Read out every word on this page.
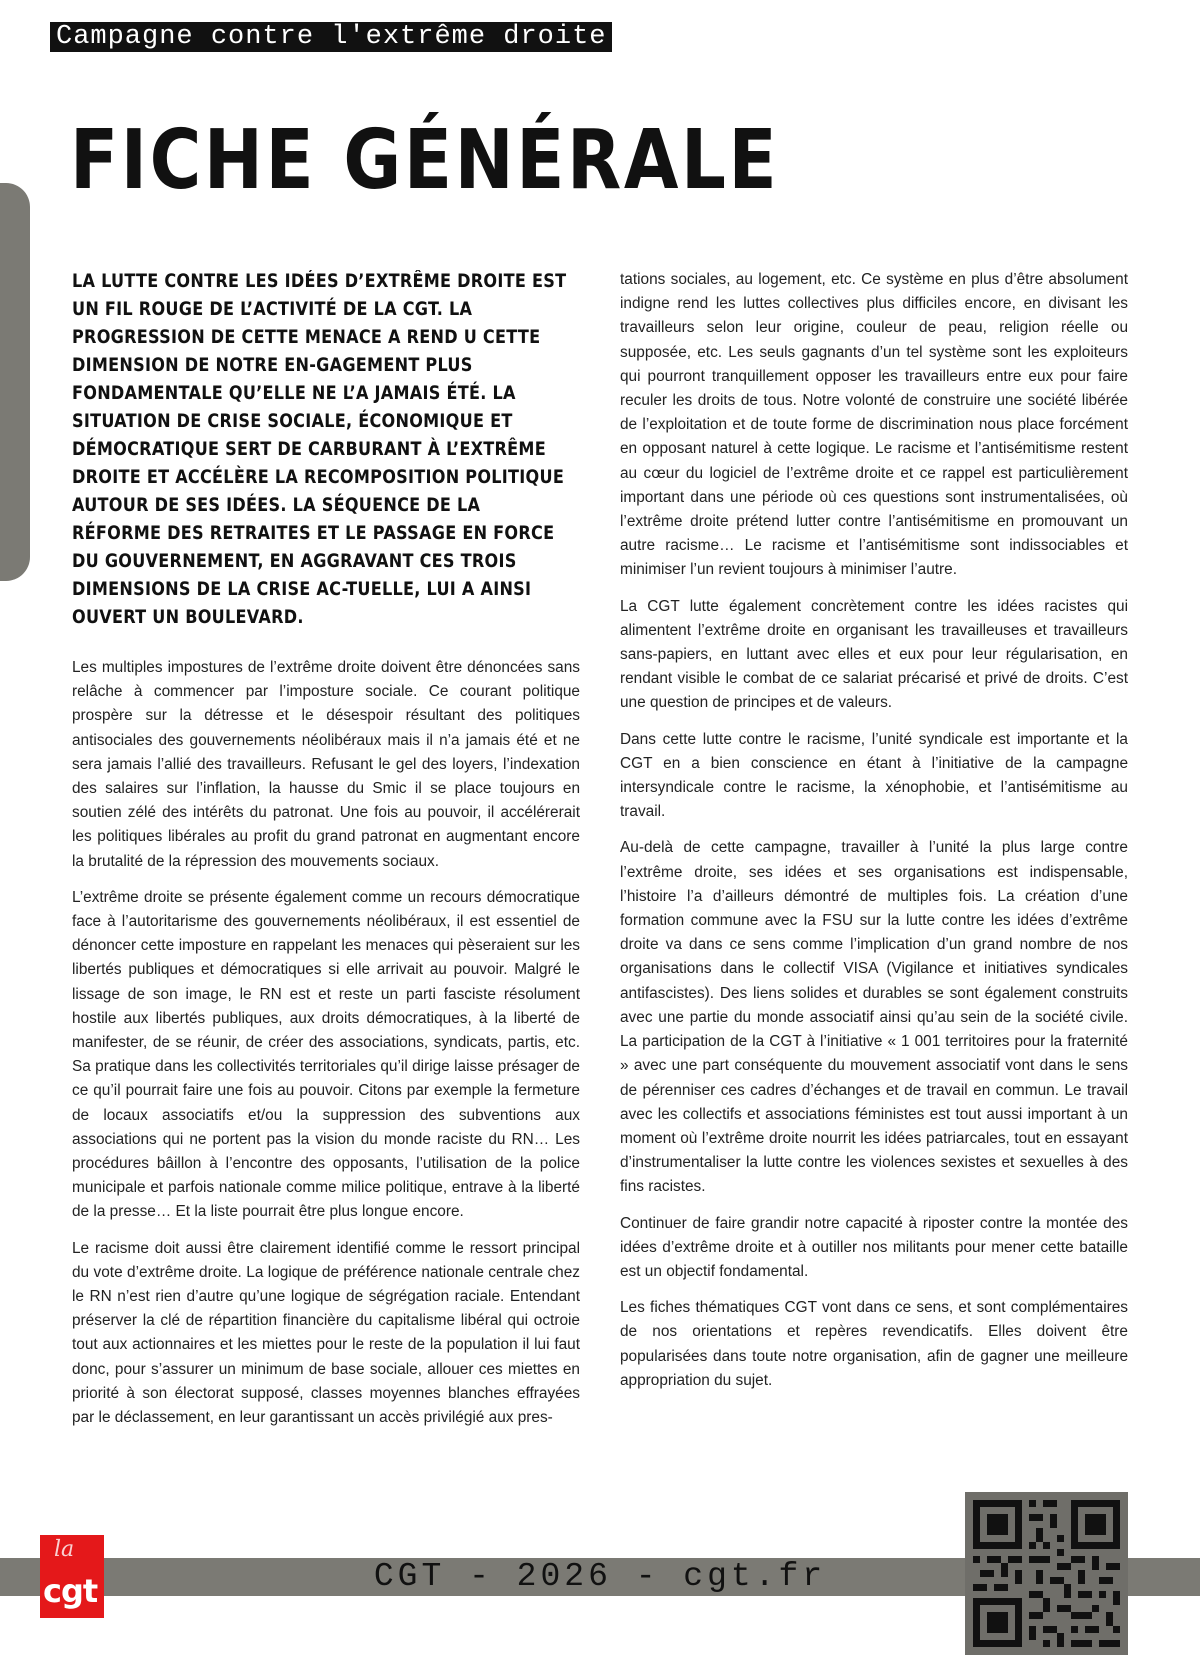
Campagne contre l'extrême droite
FICHE GÉNÉRALE

LA LUTTE CONTRE LES IDÉES D’EXTRÊME DROITE EST UN FIL ROUGE DE L’ACTIVITÉ DE LA CGT. LA PROGRESSION DE CETTE MENACE A REND U CETTE DIMENSION DE NOTRE EN-GAGEMENT PLUS FONDAMENTALE QU’ELLE NE L’A JAMAIS ÉTÉ. LA SITUATION DE CRISE SOCIALE, ÉCONOMIQUE ET DÉMOCRATIQUE SERT DE CARBURANT À L’EXTRÊME DROITE ET ACCÉLÈRE LA RECOMPOSITION POLITIQUE AUTOUR DE SES IDÉES. LA SÉQUENCE DE LA RÉFORME DES RETRAITES ET LE PASSAGE EN FORCE DU GOUVERNEMENT, EN AGGRAVANT CES TROIS DIMENSIONS DE LA CRISE AC-TUELLE, LUI A AINSI OUVERT UN BOULEVARD.

Les multiples impostures de l’extrême droite doivent être dénoncées sans relâche à commencer par l’imposture sociale. Ce courant politique prospère sur la détresse et le désespoir résultant des politiques antisociales des gouvernements néolibéraux mais il n’a jamais été et ne sera jamais l’allié des travailleurs. Refusant le gel des loyers, l’indexation des salaires sur l’inflation, la hausse du Smic il se place toujours en soutien zélé des intérêts du patronat. Une fois au pouvoir, il accélérerait les politiques libérales au profit du grand patronat en augmentant encore la brutalité de la répression des mouvements sociaux.

L’extrême droite se présente également comme un recours démocratique face à l’autoritarisme des gouvernements néolibéraux, il est essentiel de dénoncer cette imposture en rappelant les menaces qui pèseraient sur les libertés publiques et démocratiques si elle arrivait au pouvoir. Malgré le lissage de son image, le RN est et reste un parti fasciste résolument hostile aux libertés publiques, aux droits démocratiques, à la liberté de manifester, de se réunir, de créer des associations, syndicats, partis, etc. Sa pratique dans les collectivités territoriales qu’il dirige laisse présager de ce qu’il pourrait faire une fois au pouvoir. Citons par exemple la fermeture de locaux associatifs et/ou la suppression des subventions aux associations qui ne portent pas la vision du monde raciste du RN… Les procédures bâillon à l’encontre des opposants, l’utilisation de la police municipale et parfois nationale comme milice politique, entrave à la liberté de la presse… Et la liste pourrait être plus longue encore.

Le racisme doit aussi être clairement identifié comme le ressort principal du vote d’extrême droite. La logique de préférence nationale centrale chez le RN n’est rien d’autre qu’une logique de ségrégation raciale. Entendant préserver la clé de répartition financière du capitalisme libéral qui octroie tout aux actionnaires et les miettes pour le reste de la population il lui faut donc, pour s’assurer un minimum de base sociale, allouer ces miettes en priorité à son électorat supposé, classes moyennes blanches effrayées par le déclassement, en leur garantissant un accès privilégié aux pres-

tations sociales, au logement, etc. Ce système en plus d’être absolument indigne rend les luttes collectives plus difficiles encore, en divisant les travailleurs selon leur origine, couleur de peau, religion réelle ou supposée, etc. Les seuls gagnants d’un tel système sont les exploiteurs qui pourront tranquillement opposer les travailleurs entre eux pour faire reculer les droits de tous. Notre volonté de construire une société libérée de l’exploitation et de toute forme de discrimination nous place forcément en opposant naturel à cette logique. Le racisme et l’antisémitisme restent au cœur du logiciel de l’extrême droite et ce rappel est particulièrement important dans une période où ces questions sont instrumentalisées, où l’extrême droite prétend lutter contre l’antisémitisme en promouvant un autre racisme… Le racisme et l’antisémitisme sont indissociables et minimiser l’un revient toujours à minimiser l’autre.

La CGT lutte également concrètement contre les idées racistes qui alimentent l’extrême droite en organisant les travailleuses et travailleurs sans-papiers, en luttant avec elles et eux pour leur régularisation, en rendant visible le combat de ce salariat précarisé et privé de droits. C’est une question de principes et de valeurs.

Dans cette lutte contre le racisme, l’unité syndicale est importante et la CGT en a bien conscience en étant à l’initiative de la campagne intersyndicale contre le racisme, la xénophobie, et l’antisémitisme au travail.

Au-delà de cette campagne, travailler à l’unité la plus large contre l’extrême droite, ses idées et ses organisations est indispensable, l’histoire l’a d’ailleurs démontré de multiples fois. La création d’une formation commune avec la FSU sur la lutte contre les idées d’extrême droite va dans ce sens comme l’implication d’un grand nombre de nos organisations dans le collectif VISA (Vigilance et initiatives syndicales antifascistes). Des liens solides et durables se sont également construits avec une partie du monde associatif ainsi qu’au sein de la société civile. La participation de la CGT à l’initiative « 1 001 territoires pour la fraternité » avec une part conséquente du mouvement associatif vont dans le sens de pérenniser ces cadres d’échanges et de travail en commun. Le travail avec les collectifs et associations féministes est tout aussi important à un moment où l’extrême droite nourrit les idées patriarcales, tout en essayant d’instrumentaliser la lutte contre les violences sexistes et sexuelles à des fins racistes.

Continuer de faire grandir notre capacité à riposter contre la montée des idées d’extrême droite et à outiller nos militants pour mener cette bataille est un objectif fondamental.

Les fiches thématiques CGT vont dans ce sens, et sont complémentaires de nos orientations et repères revendicatifs. Elles doivent être popularisées dans toute notre organisation, afin de gagner une meilleure appropriation du sujet.

CGT - 2026 - cgt.fr
la
cgt
